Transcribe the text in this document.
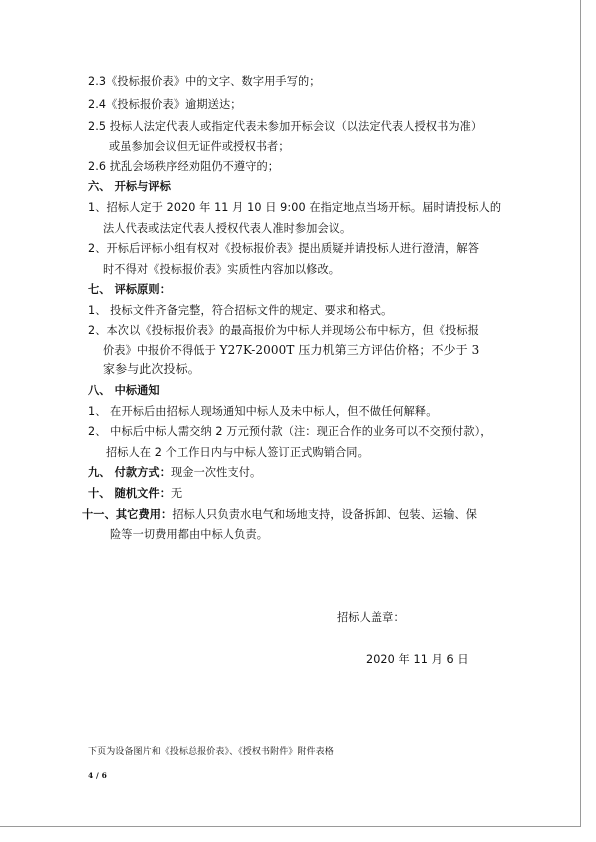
2.3《投标报价表》中的文字、数字用手写的；
2.4《投标报价表》逾期送达；
2.5 投标人法定代表人或指定代表未参加开标会议（以法定代表人授权书为准）
或虽参加会议但无证件或授权书者；
2.6 扰乱会场秩序经劝阻仍不遵守的；
六、 开标与评标
1、招标人定于 2020 年 11 月 10 日 9:00 在指定地点当场开标。届时请投标人的
法人代表或法定代表人授权代表人准时参加会议。
2、开标后评标小组有权对《投标报价表》提出质疑并请投标人进行澄清，解答
时不得对《投标报价表》实质性内容加以修改。
七、 评标原则：
1、 投标文件齐备完整，符合招标文件的规定、要求和格式。
2、本次以《投标报价表》的最高报价为中标人并现场公布中标方，但《投标报
价表》中报价不得低于 Y27K-2000T 压力机第三方评估价格；不少于 3
家参与此次投标。
八、 中标通知
1、 在开标后由招标人现场通知中标人及未中标人，但不做任何解释。
2、 中标后中标人需交纳 2 万元预付款（注：现正合作的业务可以不交预付款），
招标人在 2 个工作日内与中标人签订正式购销合同。
九、 付款方式：现金一次性支付。
十、 随机文件：无
十一、其它费用：招标人只负责水电气和场地支持，设备拆卸、包装、运输、保
险等一切费用都由中标人负责。
招标人盖章：
2020 年 11 月 6 日
下页为设备图片和《投标总报价表》、《授权书附件》附件表格
4 / 6
